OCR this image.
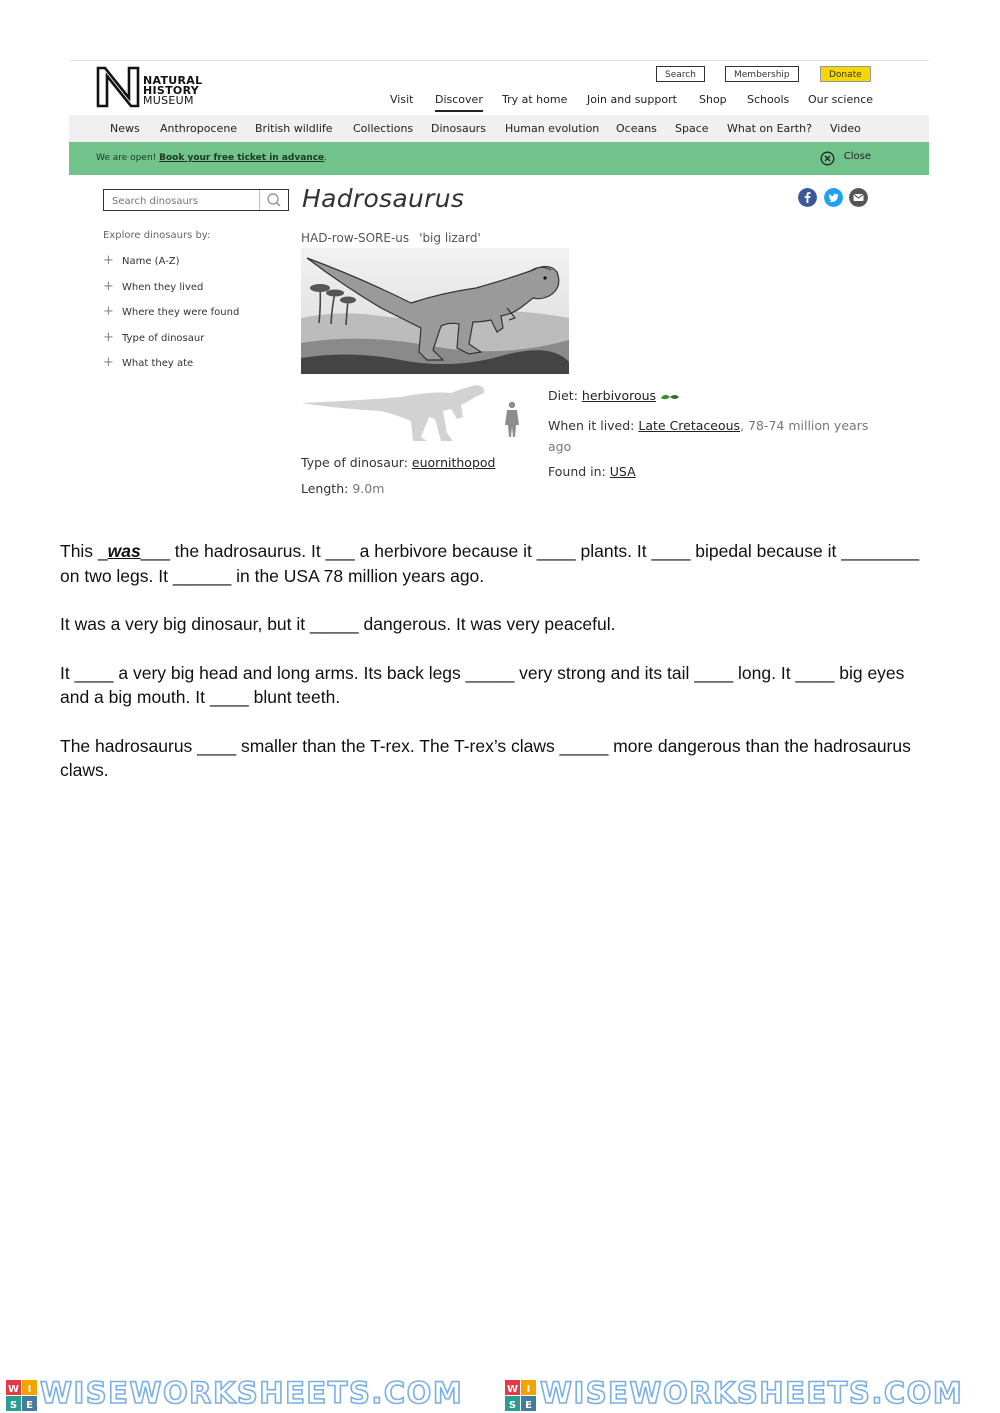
NATURAL
HISTORY
MUSEUM
Search	Membership	Donate
Visit Discover Try at home Join and support Shop Schools Our science
News Anthropocene British wildlife Collections Dinosaurs Human evolution Oceans Space What on Earth? Video
We are open! Book your free ticket in advance.	Close
Search dinosaurs
Explore dinosaurs by:
+ Name (A-Z)
+ When they lived
+ Where they were found
+ Type of dinosaur
+ What they ate
Hadrosaurus
HAD-row-SORE-us 'big lizard'
Diet: herbivorous
When it lived: Late Cretaceous, 78-74 million years ago
Found in: USA
Type of dinosaur: euornithopod
Length: 9.0m

This _was___ the hadrosaurus. It ___ a herbivore because it ____ plants. It ____ bipedal because it ________ on two legs. It ______ in the USA 78 million years ago.

It was a very big dinosaur, but it _____ dangerous. It was very peaceful.

It ____ a very big head and long arms. Its back legs _____ very strong and its tail ____ long. It ____ big eyes and a big mouth. It ____ blunt teeth.

The hadrosaurus ____ smaller than the T-rex. The T-rex’s claws _____ more dangerous than the hadrosaurus claws.

W I
S E WISEWORKSHEETS.COM	W I
S E WISEWORKSHEETS.COM
